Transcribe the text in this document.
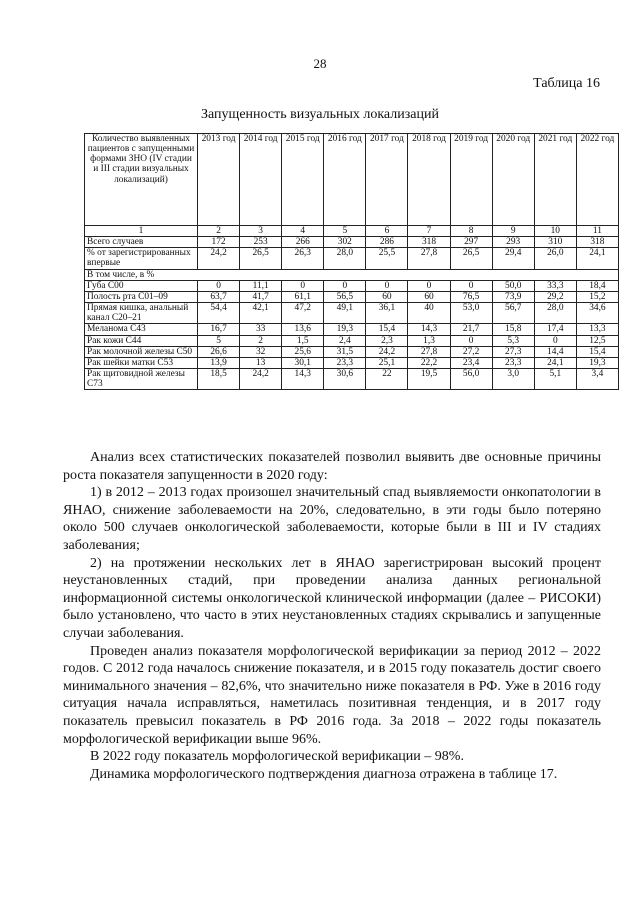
28
Таблица 16
Запущенность визуальных локализаций
Количество выявленных пациентов с запущенными формами ЗНО (IV стадии и III стадии визуальных локализаций)	2013 год	2014 год	2015 год	2016 год	2017 год	2018 год	2019 год	2020 год	2021 год	2022 год
1	2	3	4	5	6	7	8	9	10	11
Всего случаев	172	253	266	302	286	318	297	293	310	318
% от зарегистрированных впервые	24,2	26,5	26,3	28,0	25,5	27,8	26,5	29,4	26,0	24,1
В том числе, в %										
Губа С00	0	11,1	0	0	0	0	0	50,0	33,3	18,4
Полость рта С01–09	63,7	41,7	61,1	56,5	60	60	76,5	73,9	29,2	15,2
Прямая кишка, анальный канал С20–21	54,4	42,1	47,2	49,1	36,1	40	53,0	56,7	28,0	34,6
Меланома С43	16,7	33	13,6	19,3	15,4	14,3	21,7	15,8	17,4	13,3
Рак кожи С44	5	2	1,5	2,4	2,3	1,3	0	5,3	0	12,5
Рак молочной железы С50	26,6	32	25,6	31,5	24,2	27,8	27,2	27,3	14,4	15,4
Рак шейки матки С53	13,9	13	30,1	23,3	25,1	22,2	23,4	23,3	24,1	19,3
Рак щитовидной железы С73	18,5	24,2	14,3	30,6	22	19,5	56,0	3,0	5,1	3,4

Анализ всех статистических показателей позволил выявить две основные причины роста показателя запущенности в 2020 году:

1) в 2012 – 2013 годах произошел значительный спад выявляемости онкопатологии в ЯНАО, снижение заболеваемости на 20%, следовательно, в эти годы было потеряно около 500 случаев онкологической заболеваемости, которые были в III и IV стадиях заболевания;

2) на протяжении нескольких лет в ЯНАО зарегистрирован высокий процент неустановленных стадий, при проведении анализа данных региональной информационной системы онкологической клинической информации (далее – РИСОКИ) было установлено, что часто в этих неустановленных стадиях скрывались и запущенные случаи заболевания.

Проведен анализ показателя морфологической верификации за период 2012 – 2022 годов. С 2012 года началось снижение показателя, и в 2015 году показатель достиг своего минимального значения – 82,6%, что значительно ниже показателя в РФ. Уже в 2016 году ситуация начала исправляться, наметилась позитивная тенденция, и в 2017 году показатель превысил показатель в РФ 2016 года. За 2018 – 2022 годы показатель морфологической верификации выше 96%.

В 2022 году показатель морфологической верификации – 98%.

Динамика морфологического подтверждения диагноза отражена в таблице 17.
